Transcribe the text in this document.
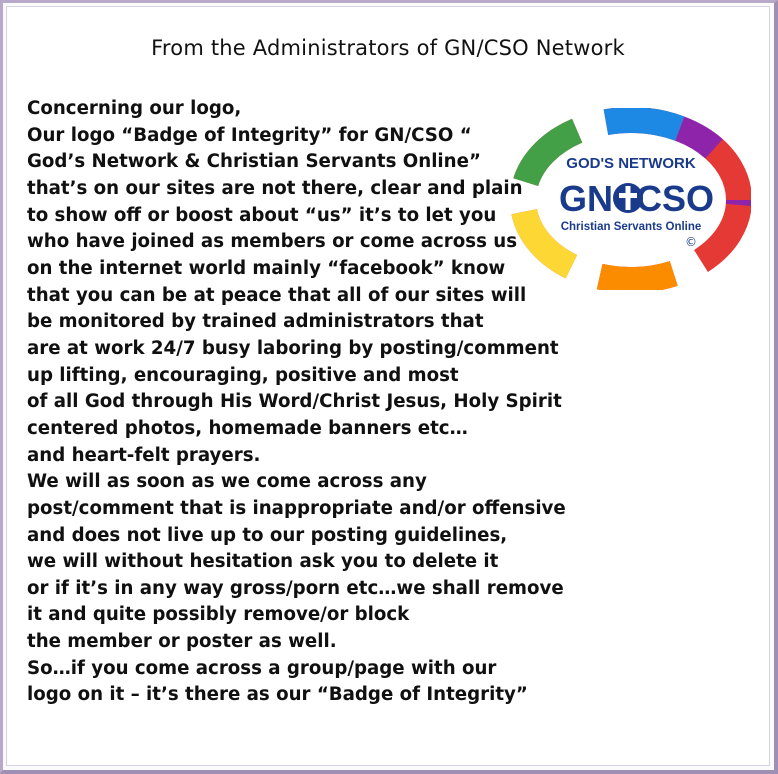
From the Administrators of GN/CSO Network
Concerning our logo,
Our logo “Badge of Integrity” for GN/CSO “
God’s Network & Christian Servants Online”
that’s on our sites are not there, clear and plain
to show off or boost about “us” it’s to let you
who have joined as members or come across us
on the internet world mainly “facebook” know
that you can be at peace that all of our sites will
be monitored by trained administrators that
are at work 24/7 busy laboring by posting/comment
up lifting, encouraging, positive and most
of all God through His Word/Christ Jesus, Holy Spirit
centered photos, homemade banners etc…
and heart-felt prayers.
We will as soon as we come across any
post/comment that is inappropriate and/or offensive
and does not live up to our posting guidelines,
we will without hesitation ask you to delete it
or if it’s in any way gross/porn etc…we shall remove
it and quite possibly remove/or block
the member or poster as well.
So…if you come across a group/page with our
logo on it – it’s there as our “Badge of Integrity”
GOD'S NETWORK
GN CSO
Christian Servants Online
©
